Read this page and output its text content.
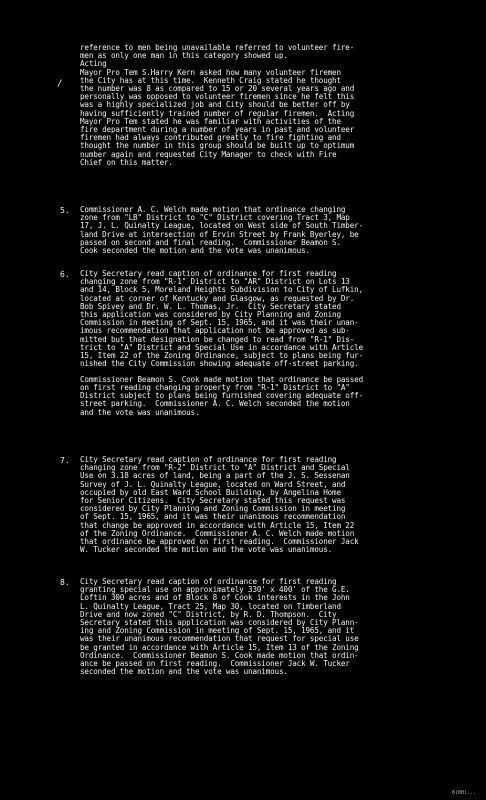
/
reference to men being unavailable referred to volunteer fire-
men as only one man in this category showed up.
Acting
Mayor Pro Tem S.Harry Kern asked how many volunteer firemen
the City has at this time.  Kenneth Craig stated he thought
the number was 8 as compared to 15 or 20 several years ago and
personally was opposed to volunteer firemen since he felt this
was a highly specialized job and City should be better off by
having sufficiently trained number of regular firemen.  Acting
Mayor Pro Tem stated he was familiar with activities of the
fire department during a number of years in past and volunteer
firemen had always contributed greatly to fire fighting and
thought the number in this group should be built up to optimum
number again and requested City Manager to check with Fire
Chief on this matter.
5. Commissioner A. C. Welch made motion that ordinance changing
zone from "LB" District to "C" District covering Tract 3, Map
17, J. L. Quinalty League, located on West side of South Timber-
land Drive at intersection of Ervin Street by Frank Byerley, be
passed on second and final reading.  Commissioner Beamon S.
Cook seconded the motion and the vote was unanimous.
6. City Secretary read caption of ordinance for first reading
changing zone from "R-1" District to "AR" District on Lots 13
and 14, Block 5, Moreland Heights Subdivision to City of Lufkin,
located at corner of Kentucky and Glasgow, as requested by Dr.
Bob Spivey and Dr. W. L. Thomas, Jr.  City Secretary stated
this application was considered by City Planning and Zoning
Commission in meeting of Sept. 15, 1965, and it was their unan-
imous recommendation that application not be approved as sub-
mitted but that designation be changed to read from "R-1" Dis-
trict to "A" District and Special Use in accordance with Article
15, Item 22 of the Zoning Ordinance, subject to plans being fur-
nished the City Commission showing adequate off-street parking.
Commissioner Beamon S. Cook made motion that ordinance be passed
on first reading changing property from "R-1" District to "A"
District subject to plans being furnished covering adequate off-
street parking.  Commissioner A. C. Welch seconded the motion
and the vote was unanimous.
7. City Secretary read caption of ordinance for first reading
changing zone from "R-2" District to "A" District and Special
Use on 3.18 acres of land, being a part of the J. S. Sessenan
Survey of J. L. Quinalty League, located on Ward Street, and
occupied by old East Ward School Building, by Angelina Home
for Senior Citizens.  City Secretary stated this request was
considered by City Planning and Zoning Commission in meeting
of Sept. 15, 1965, and it was their unanimous recommendation
that change be approved in accordance with Article 15, Item 22
of the Zoning Ordinance.  Commissioner A. C. Welch made motion
that ordinance be approved on first reading.  Commissioner Jack
W. Tucker seconded the motion and the vote was unanimous.
8. City Secretary read caption of ordinance for first reading
granting special use on approximately 330' x 400' of the G.E.
Loftin 300 acres and of Block 8 of Cook interests in the John
L. Quinalty League, Tract 25, Map 30, located on Timberland
Drive and now zoned "C" District, by R. D. Thompson.  City
Secretary stated this application was considered by City Plann-
ing and Zoning Commission in meeting of Sept. 15, 1965, and it
was their unanimous recommendation that request for special use
be granted in accordance with Article 15, Item 13 of the Zoning
Ordinance.  Commissioner Beamon S. Cook made motion that ordin-
ance be passed on first reading.  Commissioner Jack W. Tucker
seconded the motion and the vote was unanimous.
6(00)...
